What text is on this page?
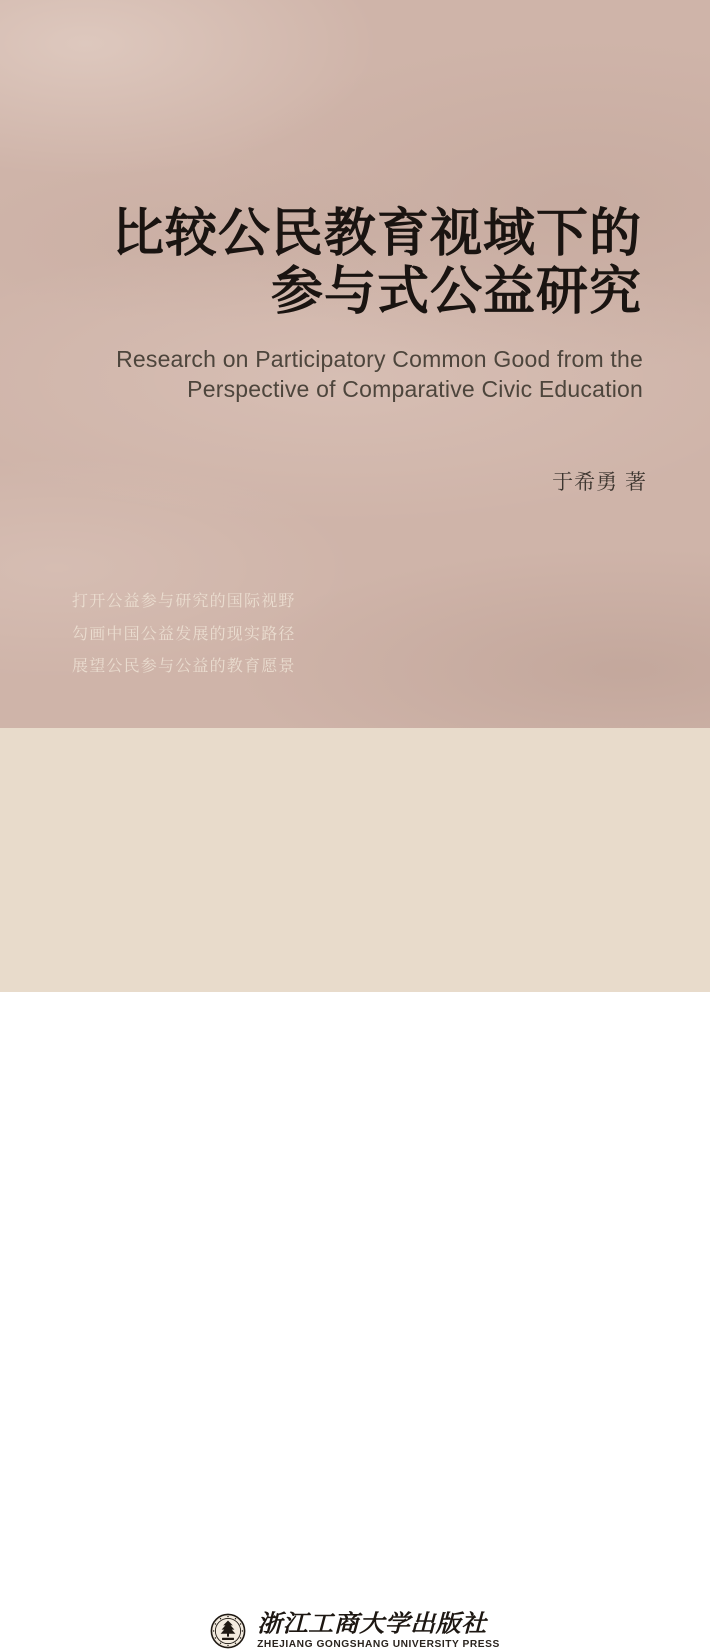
比较公民教育视域下的
参与式公益研究
Research on Participatory Common Good from the
Perspective of Comparative Civic Education
于希勇 著
打开公益参与研究的国际视野
勾画中国公益发展的现实路径
展望公民参与公益的教育愿景
浙江工商大学出版社
ZHEJIANG GONGSHANG UNIVERSITY PRESS
